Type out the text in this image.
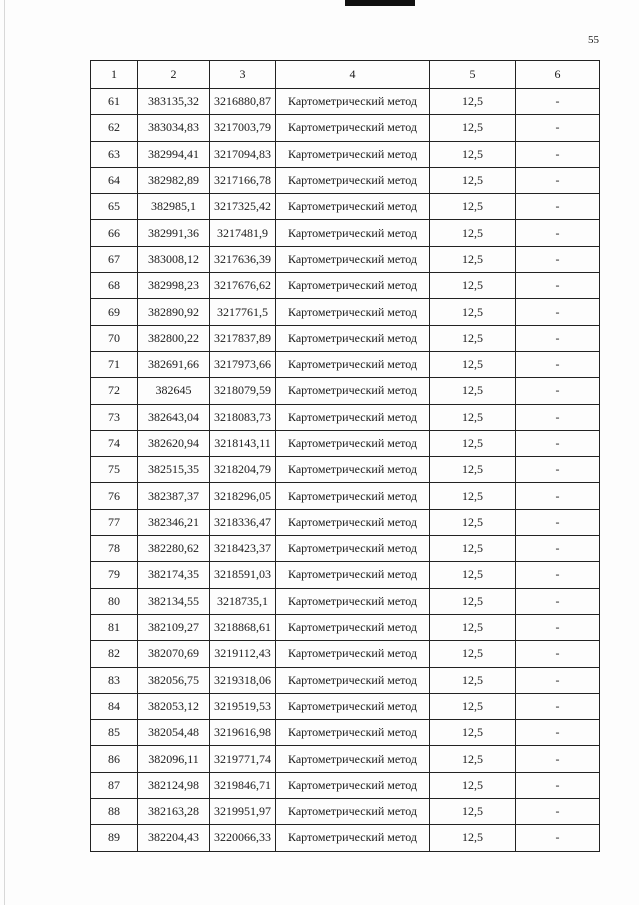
55
1	2	3	4	5	6
61	383135,32	3216880,87	Картометрический метод	12,5	-
62	383034,83	3217003,79	Картометрический метод	12,5	-
63	382994,41	3217094,83	Картометрический метод	12,5	-
64	382982,89	3217166,78	Картометрический метод	12,5	-
65	382985,1	3217325,42	Картометрический метод	12,5	-
66	382991,36	3217481,9	Картометрический метод	12,5	-
67	383008,12	3217636,39	Картометрический метод	12,5	-
68	382998,23	3217676,62	Картометрический метод	12,5	-
69	382890,92	3217761,5	Картометрический метод	12,5	-
70	382800,22	3217837,89	Картометрический метод	12,5	-
71	382691,66	3217973,66	Картометрический метод	12,5	-
72	382645	3218079,59	Картометрический метод	12,5	-
73	382643,04	3218083,73	Картометрический метод	12,5	-
74	382620,94	3218143,11	Картометрический метод	12,5	-
75	382515,35	3218204,79	Картометрический метод	12,5	-
76	382387,37	3218296,05	Картометрический метод	12,5	-
77	382346,21	3218336,47	Картометрический метод	12,5	-
78	382280,62	3218423,37	Картометрический метод	12,5	-
79	382174,35	3218591,03	Картометрический метод	12,5	-
80	382134,55	3218735,1	Картометрический метод	12,5	-
81	382109,27	3218868,61	Картометрический метод	12,5	-
82	382070,69	3219112,43	Картометрический метод	12,5	-
83	382056,75	3219318,06	Картометрический метод	12,5	-
84	382053,12	3219519,53	Картометрический метод	12,5	-
85	382054,48	3219616,98	Картометрический метод	12,5	-
86	382096,11	3219771,74	Картометрический метод	12,5	-
87	382124,98	3219846,71	Картометрический метод	12,5	-
88	382163,28	3219951,97	Картометрический метод	12,5	-
89	382204,43	3220066,33	Картометрический метод	12,5	-
